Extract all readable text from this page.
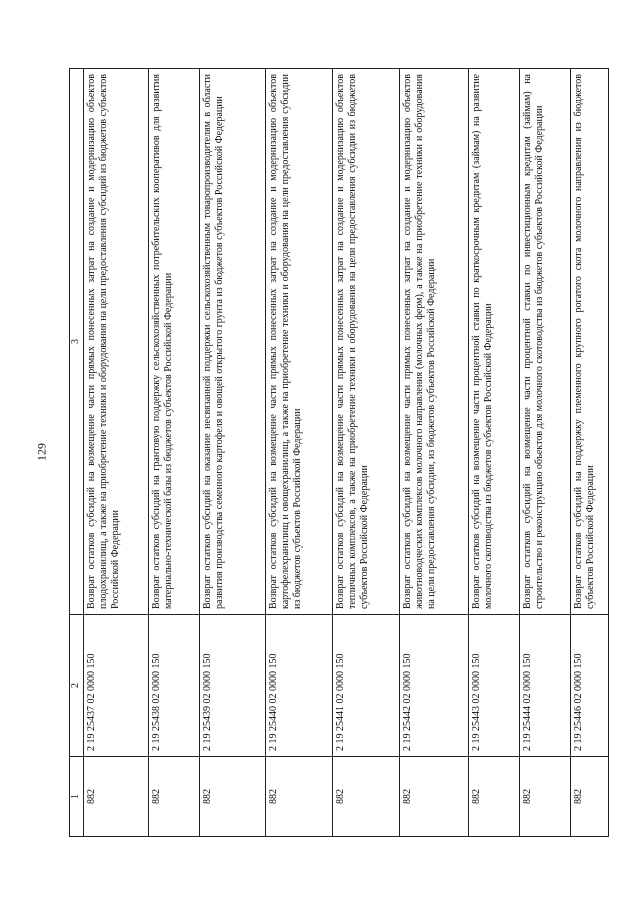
129
1	2	3
882	2 19 25437 02 0000 150	Возврат остатков субсидий на возмещение части прямых понесенных затрат на создание и модернизацию объектов плодохранилищ, а также на приобретение техники и оборудования на цели предоставления субсидий из бюджетов субъектов Российской Федерации
882	2 19 25438 02 0000 150	Возврат остатков субсидий на грантовую поддержку сельскохозяйственных потребительских кооперативов для развития материально-технической базы из бюджетов субъектов Российской Федерации
882	2 19 25439 02 0000 150	Возврат остатков субсидий на оказание несвязанной поддержки сельскохозяйственным товаропроизводителям в области развития производства семенного картофеля и овощей открытого грунта из бюджетов субъектов Российской Федерации
882	2 19 25440 02 0000 150	Возврат остатков субсидий на возмещение части прямых понесенных затрат на создание и модернизацию объектов картофелехранилищ и овощехранилищ, а также на приобретение техники и оборудования на цели предоставления субсидии из бюджетов субъектов Российской Федерации
882	2 19 25441 02 0000 150	Возврат остатков субсидий на возмещение части прямых понесенных затрат на создание и модернизацию объектов тепличных комплексов, а также на приобретение техники и оборудования на цели предоставления субсидии из бюджетов субъектов Российской Федерации
882	2 19 25442 02 0000 150	Возврат остатков субсидий на возмещение части прямых понесенных затрат на создание и модернизацию объектов животноводческих комплексов молочного направления (молочных ферм), а также на приобретение техники и оборудования на цели предоставления субсидии, из бюджетов субъектов Российской Федерации
882	2 19 25443 02 0000 150	Возврат остатков субсидий на возмещение части процентной ставки по краткосрочным кредитам (займам) на развитие молочного скотоводства из бюджетов субъектов Российской Федерации
882	2 19 25444 02 0000 150	Возврат остатков субсидий на возмещение части процентной ставки по инвестиционным кредитам (займам) на строительство и реконструкцию объектов для молочного скотоводства из бюджетов субъектов Российской Федерации
882	2 19 25446 02 0000 150	Возврат остатков субсидий на поддержку племенного крупного рогатого скота молочного направления из бюджетов субъектов Российской Федерации
